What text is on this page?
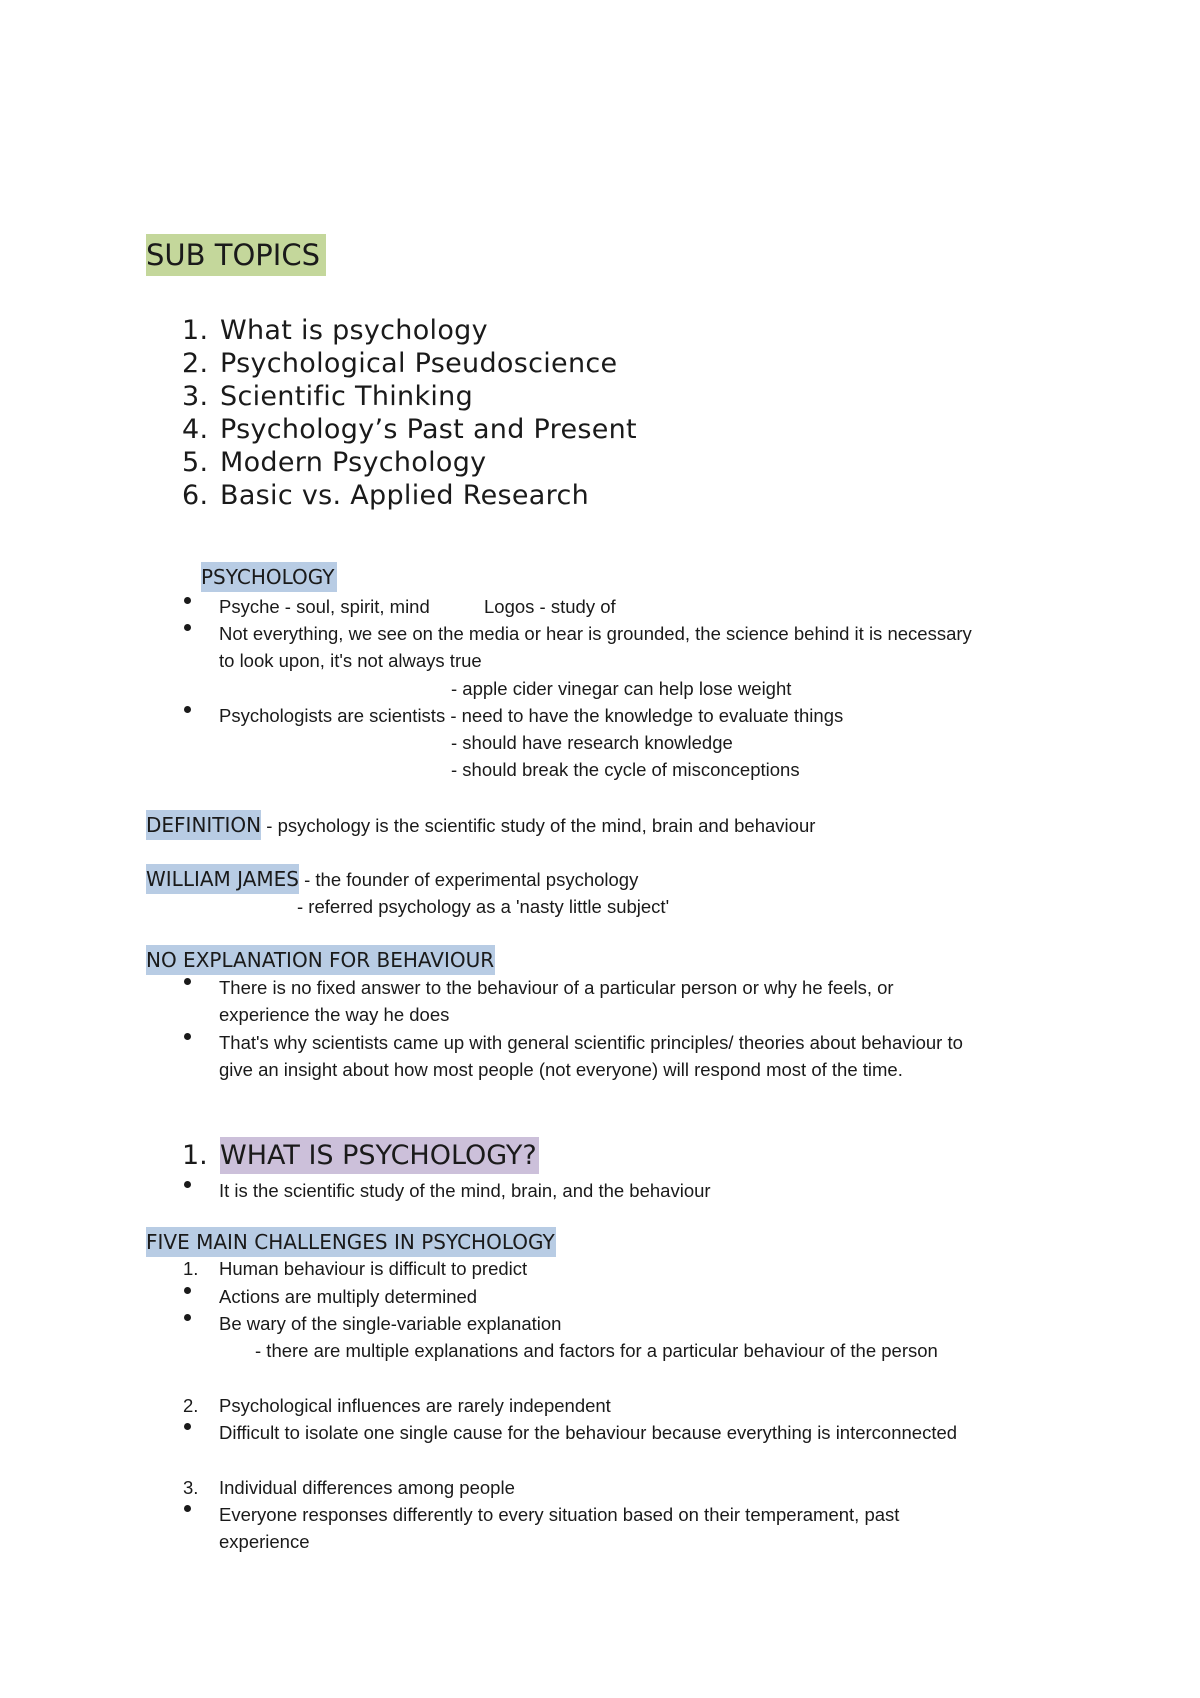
SUB TOPICS
1. What is psychology
2. Psychological Pseudoscience
3. Scientific Thinking
4. Psychology’s Past and Present
5. Modern Psychology
6. Basic vs. Applied Research
PSYCHOLOGY
Psyche - soul, spirit, mind	Logos - study of
Not everything, we see on the media or hear is grounded, the science behind it is necessary
to look upon, it's not always true
- apple cider vinegar can help lose weight
Psychologists are scientists - need to have the knowledge to evaluate things
- should have research knowledge
- should break the cycle of misconceptions
DEFINITION - psychology is the scientific study of the mind, brain and behaviour
WILLIAM JAMES - the founder of experimental psychology
- referred psychology as a 'nasty little subject'
NO EXPLANATION FOR BEHAVIOUR
There is no fixed answer to the behaviour of a particular person or why he feels, or
experience the way he does
That's why scientists came up with general scientific principles/ theories about behaviour to
give an insight about how most people (not everyone) will respond most of the time.
1. WHAT IS PSYCHOLOGY?
It is the scientific study of the mind, brain, and the behaviour
FIVE MAIN CHALLENGES IN PSYCHOLOGY
1. Human behaviour is difficult to predict
Actions are multiply determined
Be wary of the single-variable explanation
- there are multiple explanations and factors for a particular behaviour of the person
2. Psychological influences are rarely independent
Difficult to isolate one single cause for the behaviour because everything is interconnected
3. Individual differences among people
Everyone responses differently to every situation based on their temperament, past
experience
